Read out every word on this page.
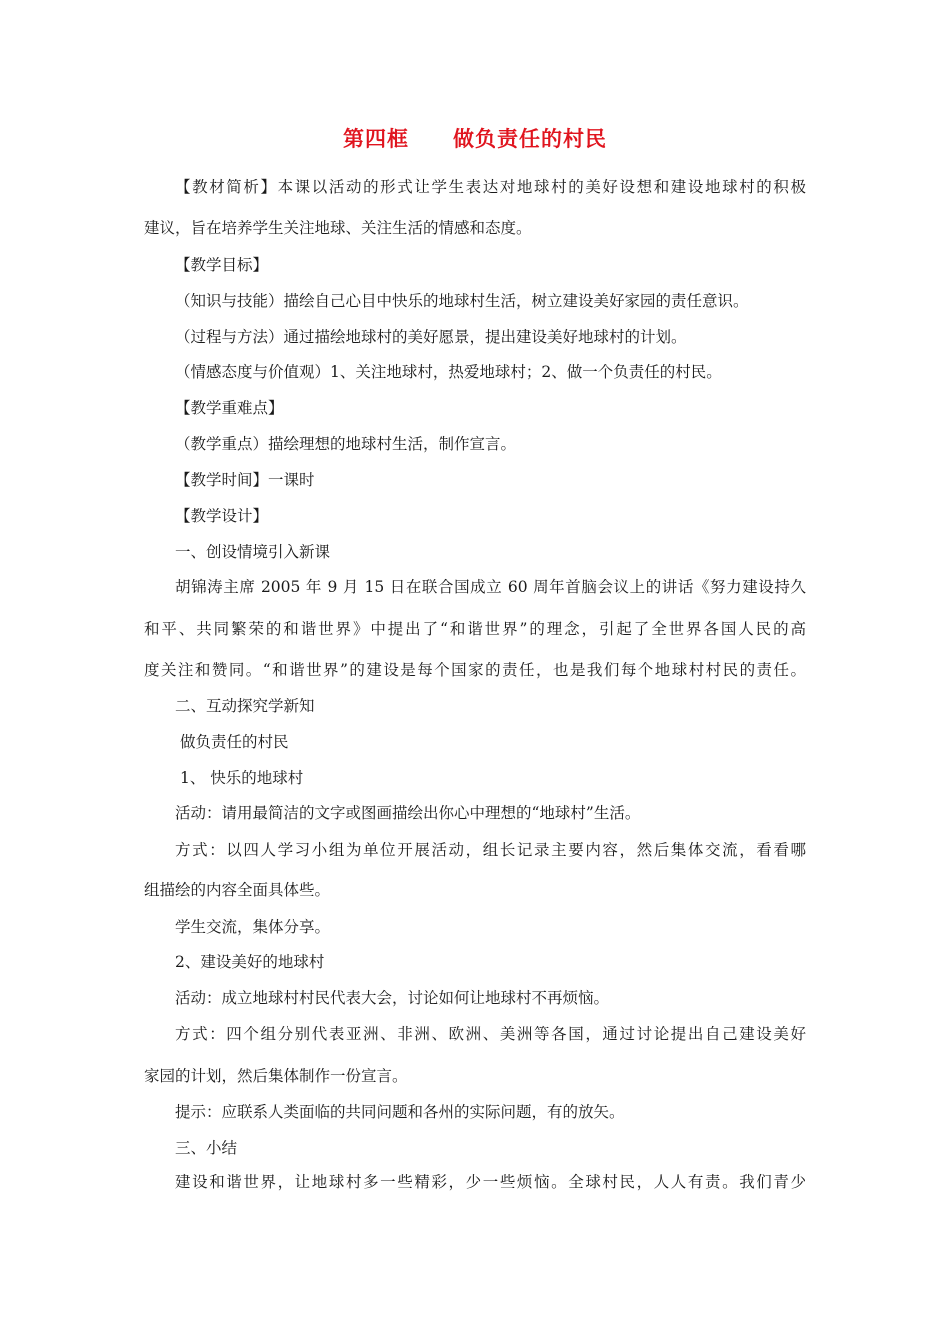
第四框　　做负责任的村民
【教材简析】本课以活动的形式让学生表达对地球村的美好设想和建设地球村的积极
建议，旨在培养学生关注地球、关注生活的情感和态度。
【教学目标】
（知识与技能）描绘自己心目中快乐的地球村生活，树立建设美好家园的责任意识。
（过程与方法）通过描绘地球村的美好愿景，提出建设美好地球村的计划。
（情感态度与价值观）1、关注地球村，热爱地球村；2、做一个负责任的村民。
【教学重难点】
（教学重点）描绘理想的地球村生活，制作宣言。
【教学时间】一课时
【教学设计】
一、创设情境引入新课
胡锦涛主席 2005 年 9 月 15 日在联合国成立 60 周年首脑会议上的讲话《努力建设持久
和平、共同繁荣的和谐世界》中提出了“和谐世界”的理念，引起了全世界各国人民的高
度关注和赞同。“和谐世界”的建设是每个国家的责任，也是我们每个地球村村民的责任。
二、互动探究学新知
做负责任的村民
1、 快乐的地球村
活动：请用最简洁的文字或图画描绘出你心中理想的“地球村”生活。
方式：以四人学习小组为单位开展活动，组长记录主要内容，然后集体交流，看看哪
组描绘的内容全面具体些。
学生交流，集体分享。
2、建设美好的地球村
活动：成立地球村村民代表大会，讨论如何让地球村不再烦恼。
方式：四个组分别代表亚洲、非洲、欧洲、美洲等各国，通过讨论提出自己建设美好
家园的计划，然后集体制作一份宣言。
提示：应联系人类面临的共同问题和各州的实际问题，有的放矢。
三、小结
建设和谐世界，让地球村多一些精彩，少一些烦恼。全球村民，人人有责。我们青少
